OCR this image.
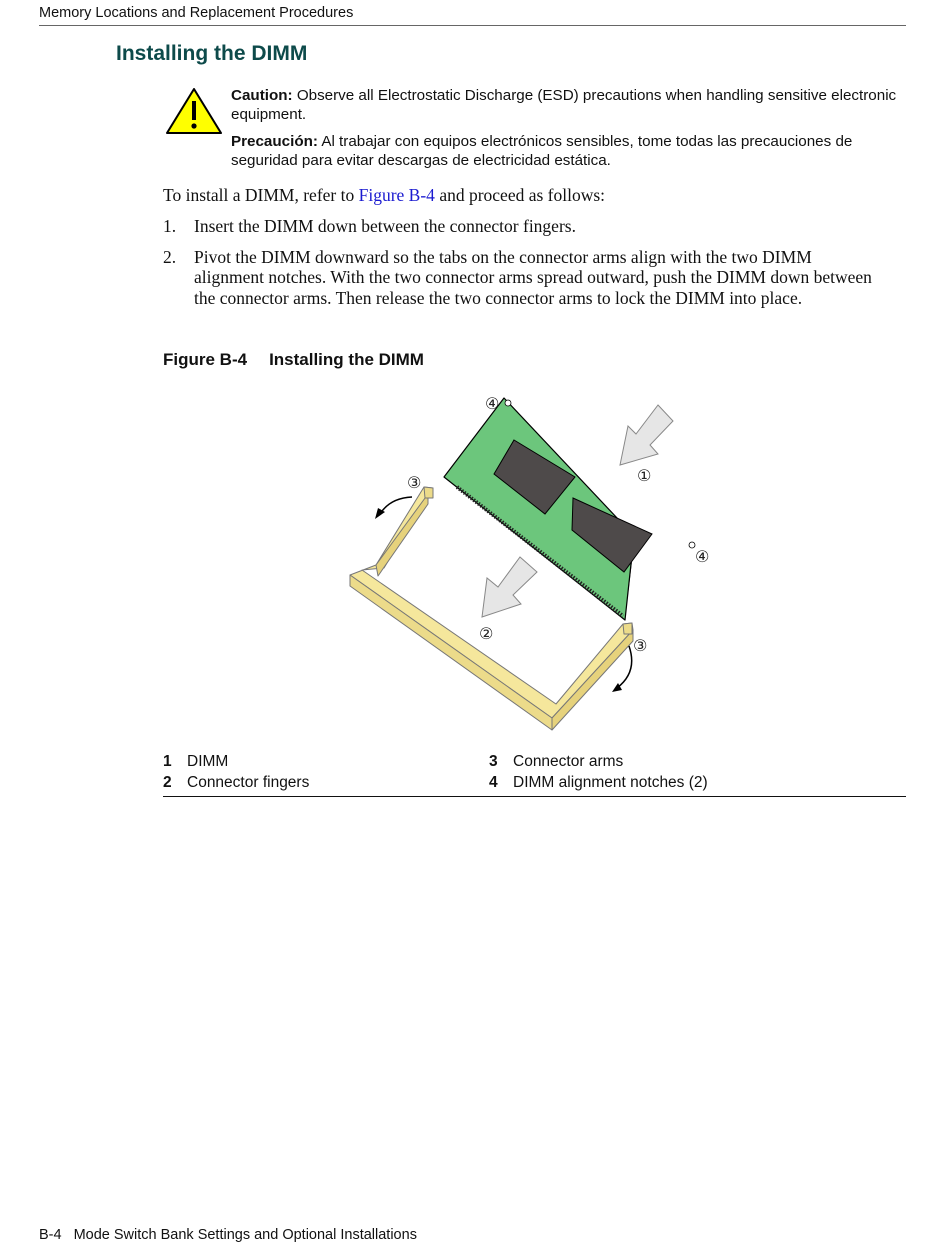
Memory Locations and Replacement Procedures
Installing the DIMM

Caution: Observe all Electrostatic Discharge (ESD) precautions when handling sensitive electronic equipment.

Precaución: Al trabajar con equipos electrónicos sensibles, tome todas las precauciones de seguridad para evitar descargas de electricidad estática.

To install a DIMM, refer to Figure B-4 and proceed as follows:
1.	Insert the DIMM down between the connector fingers.
2.	Pivot the DIMM downward so the tabs on the connector arms align with the two DIMM alignment notches. With the two connector arms spread outward, push the DIMM down between the connector arms. Then release the two connector arms to lock the DIMM into place.
Figure B-4 Installing the DIMM
①
②
③
③
④
④
1 DIMM	3 Connector arms
2 Connector fingers	4 DIMM alignment notches (2)
B-4 Mode Switch Bank Settings and Optional Installations
